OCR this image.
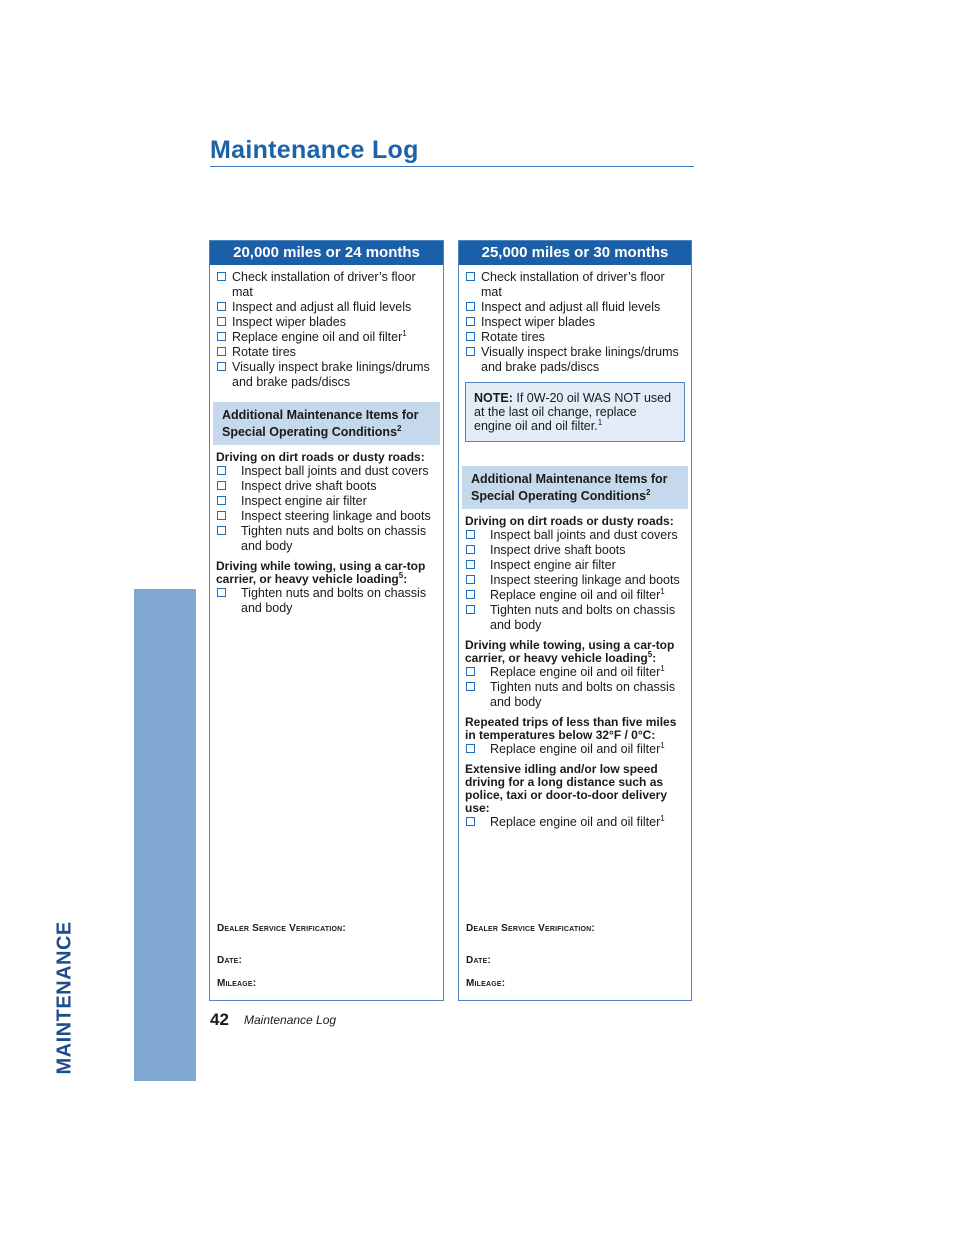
MAINTENANCE
Maintenance Log
20,000 miles or 24 months
Check installation of driver’s floor mat
Inspect and adjust all fluid levels
Inspect wiper blades
Replace engine oil and oil filter$^1$
Rotate tires
Visually inspect brake linings/drums and brake pads/discs
Additional Maintenance Items for
Special Operating Conditions$^2$
Driving on dirt roads or dusty roads:
Inspect ball joints and dust covers
Inspect drive shaft boots
Inspect engine air filter
Inspect steering linkage and boots
Tighten nuts and bolts on chassis and body
Driving while towing, using a car-top carrier, or heavy vehicle loading$^5$:
Tighten nuts and bolts on chassis and body
Dealer Service Verification:
Date:
Mileage:
25,000 miles or 30 months
Check installation of driver’s floor mat
Inspect and adjust all fluid levels
Inspect wiper blades
Rotate tires
Visually inspect brake linings/drums and brake pads/discs
NOTE: If 0W-20 oil WAS NOT used at the last oil change, replace engine oil and oil filter.$^1$
Additional Maintenance Items for
Special Operating Conditions$^2$
Driving on dirt roads or dusty roads:
Inspect ball joints and dust covers
Inspect drive shaft boots
Inspect engine air filter
Inspect steering linkage and boots
Replace engine oil and oil filter$^1$
Tighten nuts and bolts on chassis and body
Driving while towing, using a car-top carrier, or heavy vehicle loading$^5$:
Replace engine oil and oil filter$^1$
Tighten nuts and bolts on chassis and body
Repeated trips of less than five miles in temperatures below 32°F / 0°C:
Replace engine oil and oil filter$^1$
Extensive idling and/or low speed driving for a long distance such as police, taxi or door-to-door delivery use:
Replace engine oil and oil filter$^1$
Dealer Service Verification:
Date:
Mileage:
42 Maintenance Log
